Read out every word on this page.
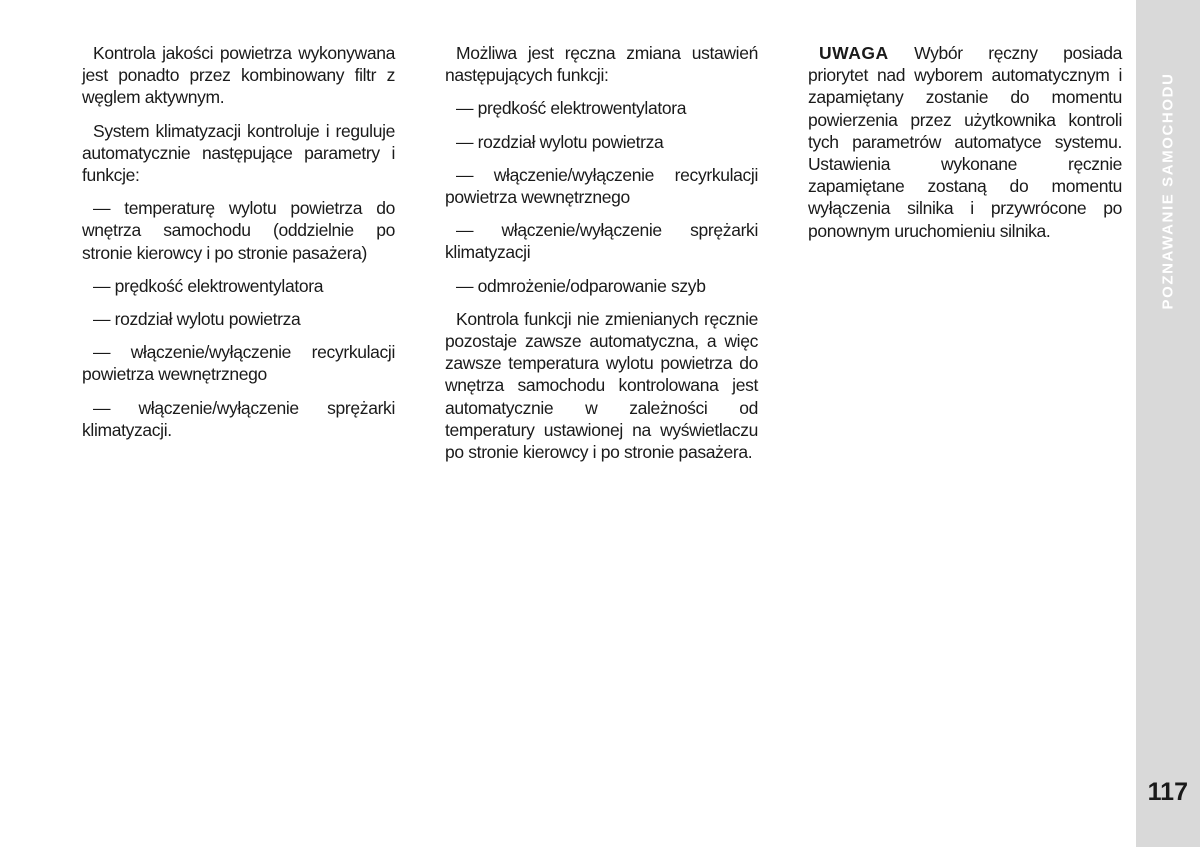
Kontrola jakości powietrza wykonywana jest ponadto przez kombinowany filtr z węglem aktywnym.

System klimatyzacji kontroluje i reguluje automatycznie następujące parametry i funkcje:

— temperaturę wylotu powietrza do wnętrza samochodu (oddzielnie po stronie kierowcy i po stronie pasażera)

— prędkość elektrowentylatora

— rozdział wylotu powietrza

— włączenie/wyłączenie recyrkulacji powietrza wewnętrznego

— włączenie/wyłączenie sprężarki klimatyzacji.

Możliwa jest ręczna zmiana ustawień następujących funkcji:

— prędkość elektrowentylatora

— rozdział wylotu powietrza

— włączenie/wyłączenie recyrkulacji powietrza wewnętrznego

— włączenie/wyłączenie sprężarki klimatyzacji

— odmrożenie/odparowanie szyb

Kontrola funkcji nie zmienianych ręcznie pozostaje zawsze automatyczna, a więc zawsze temperatura wylotu powietrza do wnętrza samochodu kontrolowana jest automatycznie w zależności od temperatury ustawionej na wyświetlaczu po stronie kierowcy i po stronie pasażera.

UWAGA Wybór ręczny posiada priorytet nad wyborem automatycznym i zapamiętany zostanie do momentu powierzenia przez użytkownika kontroli tych parametrów automatyce systemu. Ustawienia wykonane ręcznie zapamiętane zostaną do momentu wyłączenia silnika i przywrócone po ponownym uruchomieniu silnika.	POZNAWANIE SAMOCHODU
117
